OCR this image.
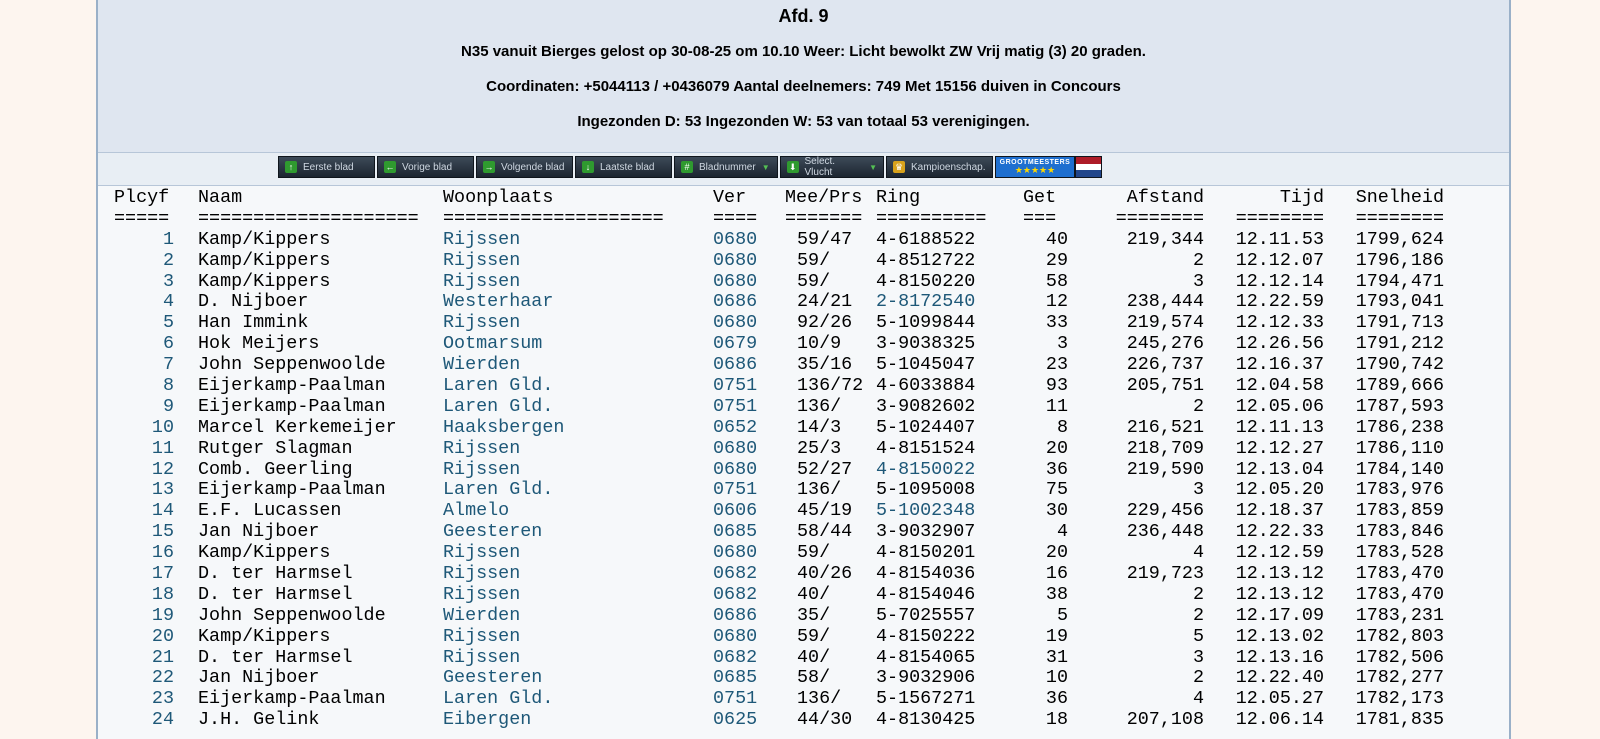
Afd. 9
N35 vanuit Bierges gelost op 30-08-25 om 10.10 Weer: Licht bewolkt ZW Vrij matig (3) 20 graden.
Coordinaten: +5044113 / +0436079 Aantal deelnemers: 749 Met 15156 duiven in Concours
Ingezonden D: 53 Ingezonden W: 53 van totaal 53 verenigingen.
↑ Eerste blad	← Vorige blad	→ Volgende blad	↓ Laatste blad	# Bladnummer ▼ ⬇ Select. Vlucht	▼ ♛ Kampioenschap. GROOTMEESTERS
★★★★★
Plcyf Naam	Woonplaats	Ver Mee/Prs Ring	Get	Afstand	Tijd Snelheid
===== ==================== ====================	==== ======= ========== ===	======== ======== ========
1 Kamp/Kippers	Rijssen	0680 59/47 4-6188522	40	219,344 12.11.53 1799,624
2 Kamp/Kippers	Rijssen	0680 59/ 4-8512722	29	2 12.12.07 1796,186
3 Kamp/Kippers	Rijssen	0680 59/ 4-8150220	58	3 12.12.14 1794,471
4 D. Nijboer	Westerhaar	0686 24/21 2-8172540	12	238,444 12.22.59 1793,041
5 Han Immink	Rijssen	0680 92/26 5-1099844	33	219,574 12.12.33 1791,713
6 Hok Meijers	Ootmarsum	0679 10/9 3-9038325	3	245,276 12.26.56 1791,212
7 John Seppenwoolde	Wierden	0686 35/16 5-1045047	23	226,737 12.16.37 1790,742
8 Eijerkamp-Paalman	Laren Gld.	0751 136/72 4-6033884	93	205,751 12.04.58 1789,666
9 Eijerkamp-Paalman	Laren Gld.	0751 136/ 3-9082602	11	2 12.05.06 1787,593
10 Marcel Kerkemeijer	Haaksbergen	0652 14/3 5-1024407	8	216,521 12.11.13 1786,238
11 Rutger Slagman	Rijssen	0680 25/3 4-8151524	20	218,709 12.12.27 1786,110
12 Comb. Geerling	Rijssen	0680 52/27 4-8150022	36	219,590 12.13.04 1784,140
13 Eijerkamp-Paalman	Laren Gld.	0751 136/ 5-1095008	75	3 12.05.20 1783,976
14 E.F. Lucassen	Almelo	0606 45/19 5-1002348	30	229,456 12.18.37 1783,859
15 Jan Nijboer	Geesteren	0685 58/44 3-9032907	4	236,448 12.22.33 1783,846
16 Kamp/Kippers	Rijssen	0680 59/ 4-8150201	20	4 12.12.59 1783,528
17 D. ter Harmsel	Rijssen	0682 40/26 4-8154036	16	219,723 12.13.12 1783,470
18 D. ter Harmsel	Rijssen	0682 40/ 4-8154046	38	2 12.13.12 1783,470
19 John Seppenwoolde	Wierden	0686 35/ 5-7025557	5	2 12.17.09 1783,231
20 Kamp/Kippers	Rijssen	0680 59/ 4-8150222	19	5 12.13.02 1782,803
21 D. ter Harmsel	Rijssen	0682 40/ 4-8154065	31	3 12.13.16 1782,506
22 Jan Nijboer	Geesteren	0685 58/ 3-9032906	10	2 12.22.40 1782,277
23 Eijerkamp-Paalman	Laren Gld.	0751 136/ 5-1567271	36	4 12.05.27 1782,173
24 J.H. Gelink	Eibergen	0625 44/30 4-8130425	18	207,108 12.06.14 1781,835
